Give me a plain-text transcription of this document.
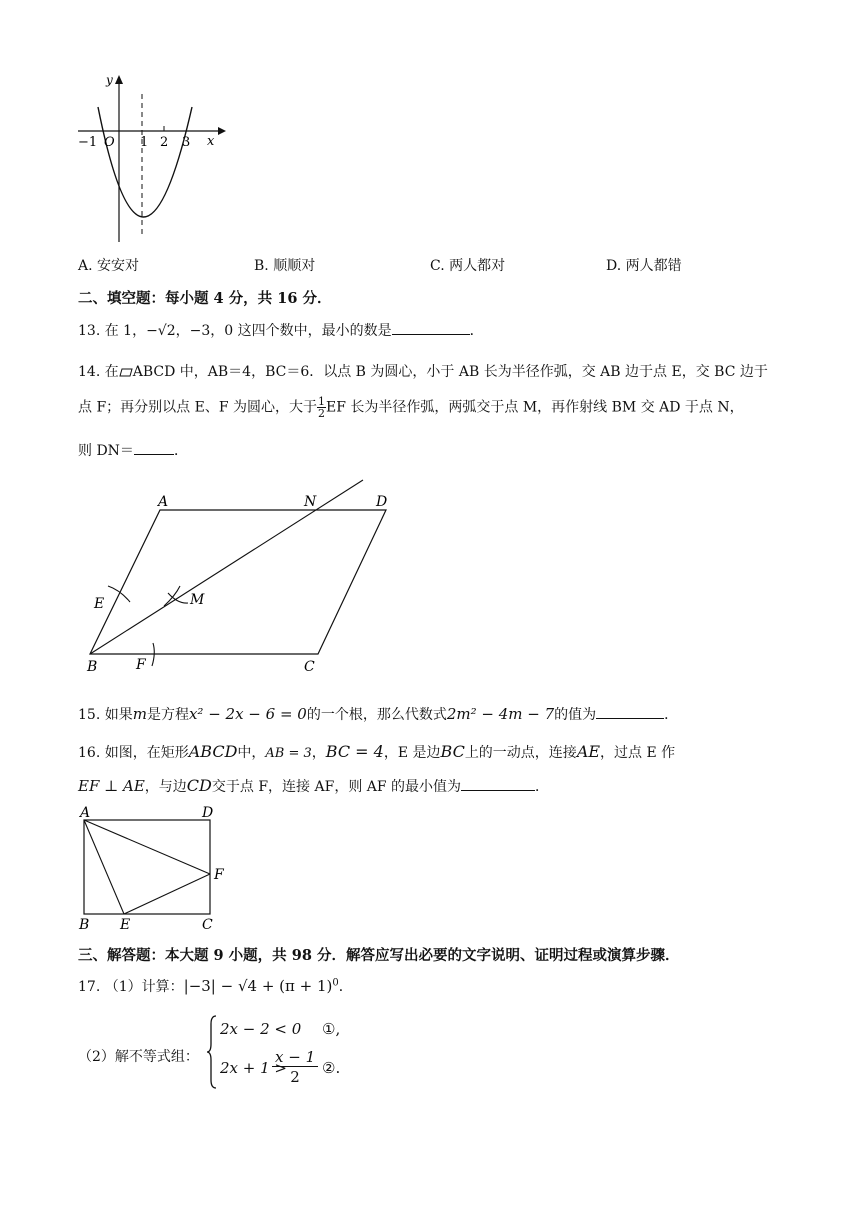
y
x
−1 O 1 2 3
A. 安安对	B. 顺顺对	C. 两人都对	D. 两人都错
二、填空题：每小题 4 分，共 16 分．
13. 在 1，−√2，−3，0 这四个数中，最小的数是	．
14. 在 ABCD 中，AB＝4，BC＝6．以点 B 为圆心，小于 AB 长为半径作弧，交 AB 边于点 E，交 BC 边于
点 F；再分别以点 E、F 为圆心，大于 $\frac{1}{2}$ EF 长为半径作弧，两弧交于点 M，再作射线 BM 交 AD 于点 N，
则 DN＝	．
A	N	D
E	M
B	F	C
15. 如果m是方程x² − 2x − 6 = 0的一个根，那么代数式2m² − 4m − 7的值为	．
16. 如图，在矩形ABCD中，AB = 3，BC = 4，E 是边BC上的一动点，连接AE，过点 E 作
EF ⊥ AE，与边CD交于点 F，连接 AF，则 AF 的最小值为	．
A	D
F
B E	C
三、解答题：本大题 9 小题，共 98 分．解答应写出必要的文字说明、证明过程或演算步骤．
17. （1）计算：$|-3| - √4 + (\pi + 1)^0$．
（2）解不等式组：
2x − 2 < 0 ①,
2x + 1 >
x − 1
2	②.
